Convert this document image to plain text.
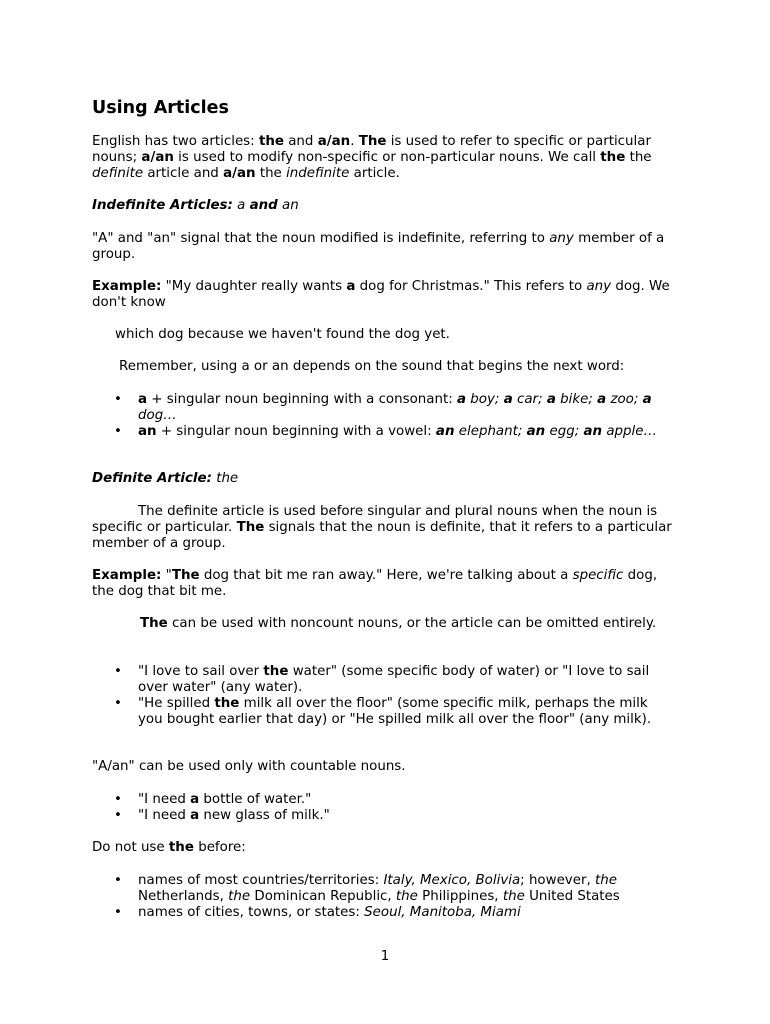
Using Articles

English has two articles: the and a/an. The is used to refer to specific or particular nouns; a/an is used to modify non-specific or non-particular nouns. We call the the definite article and a/an the indefinite article.

Indefinite Articles: a and an

"A" and "an" signal that the noun modified is indefinite, referring to any member of a group.

Example: "My daughter really wants a dog for Christmas." This refers to any dog. We don't know

which dog because we haven't found the dog yet.

Remember, using a or an depends on the sound that begins the next word:

• a + singular noun beginning with a consonant: a boy; a car; a bike; a zoo; a dog…
• an + singular noun beginning with a vowel: an elephant; an egg; an apple…

Definite Article: the

The definite article is used before singular and plural nouns when the noun is specific or particular. The signals that the noun is definite, that it refers to a particular member of a group.

Example: "The dog that bit me ran away." Here, we're talking about a specific dog, the dog that bit me.

The can be used with noncount nouns, or the article can be omitted entirely.

• "I love to sail over the water" (some specific body of water) or "I love to sail over water" (any water).
• "He spilled the milk all over the floor" (some specific milk, perhaps the milk you bought earlier that day) or "He spilled milk all over the floor" (any milk).

"A/an" can be used only with countable nouns.

• "I need a bottle of water."
• "I need a new glass of milk."

Do not use the before:

• names of most countries/territories: Italy, Mexico, Bolivia; however, the Netherlands, the Dominican Republic, the Philippines, the United States
• names of cities, towns, or states: Seoul, Manitoba, Miami
1
